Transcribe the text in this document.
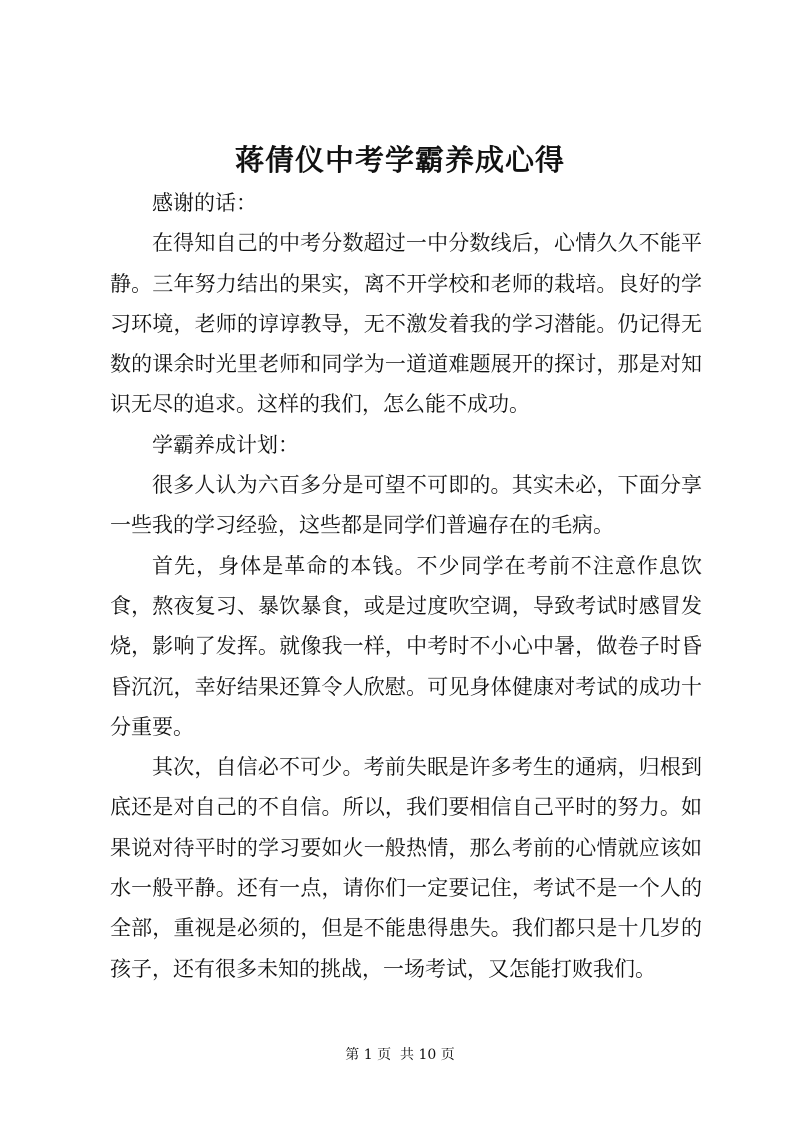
蒋倩仪中考学霸养成心得

感谢的话：

在得知自己的中考分数超过一中分数线后，心情久久不能平静。三年努力结出的果实，离不开学校和老师的栽培。良好的学习环境，老师的谆谆教导，无不激发着我的学习潜能。仍记得无数的课余时光里老师和同学为一道道难题展开的探讨，那是对知识无尽的追求。这样的我们，怎么能不成功。

学霸养成计划：

很多人认为六百多分是可望不可即的。其实未必，下面分享一些我的学习经验，这些都是同学们普遍存在的毛病。

首先，身体是革命的本钱。不少同学在考前不注意作息饮食，熬夜复习、暴饮暴食，或是过度吹空调，导致考试时感冒发烧，影响了发挥。就像我一样，中考时不小心中暑，做卷子时昏昏沉沉，幸好结果还算令人欣慰。可见身体健康对考试的成功十分重要。

其次，自信必不可少。考前失眠是许多考生的通病，归根到底还是对自己的不自信。所以，我们要相信自己平时的努力。如果说对待平时的学习要如火一般热情，那么考前的心情就应该如水一般平静。还有一点，请你们一定要记住，考试不是一个人的全部，重视是必须的，但是不能患得患失。我们都只是十几岁的孩子，还有很多未知的挑战，一场考试，又怎能打败我们。

第 1 页  共 10 页
